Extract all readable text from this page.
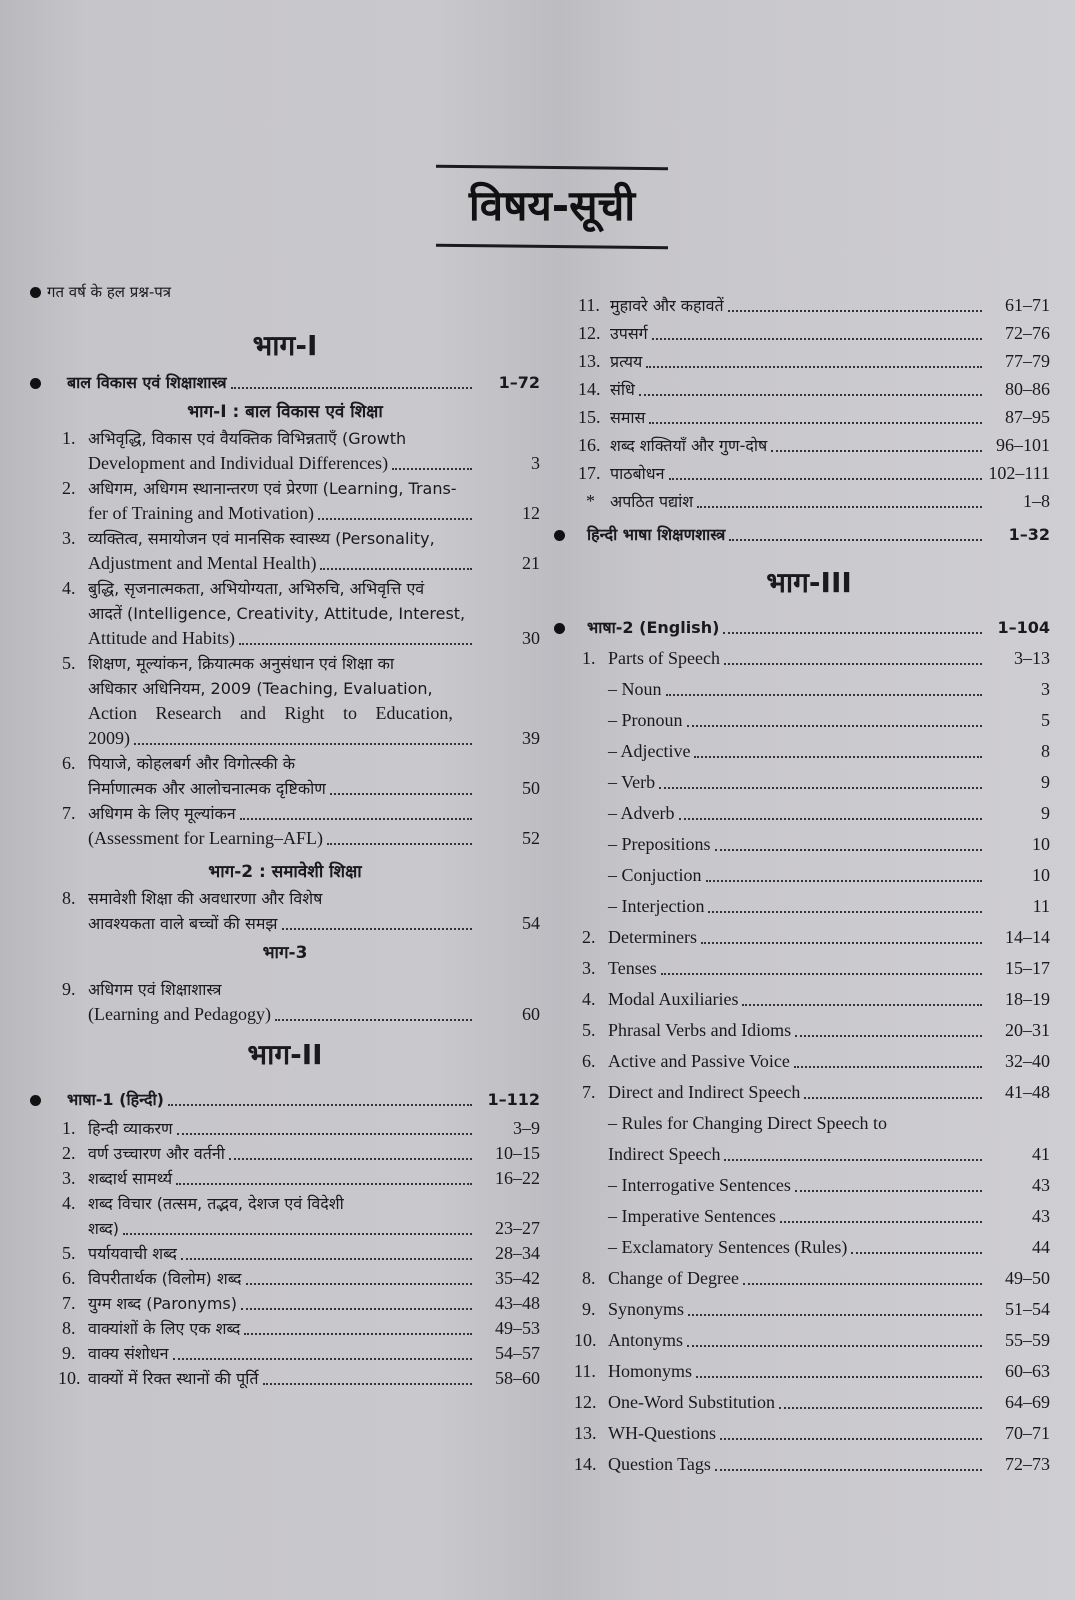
विषय-सूची
गत वर्ष के हल प्रश्न-पत्र
भाग-I
बाल विकास एवं शिक्षाशास्त्र	1–72
भाग-I : बाल विकास एवं शिक्षा
1. अभिवृद्धि, विकास एवं वैयक्तिक विभिन्नताएँ (Growth
Development and Individual Differences)	3
2. अधिगम, अधिगम स्थानान्तरण एवं प्रेरणा (Learning, Trans-
fer of Training and Motivation)	12
3. व्यक्तित्व, समायोजन एवं मानसिक स्वास्थ्य (Personality,
Adjustment and Mental Health)	21
4. बुद्धि, सृजनात्मकता, अभियोग्यता, अभिरुचि, अभिवृत्ति एवं
आदतें (Intelligence, Creativity, Attitude, Interest,
Attitude and Habits)	30
5. शिक्षण, मूल्यांकन, क्रियात्मक अनुसंधान एवं शिक्षा का
अधिकार अधिनियम, 2009 (Teaching, Evaluation,
Action Research and Right to Education,
2009)	39
6. पियाजे, कोहलबर्ग और विगोत्स्की के
निर्माणात्मक और आलोचनात्मक दृष्टिकोण	50
7. अधिगम के लिए मूल्यांकन
(Assessment for Learning–AFL)	52
भाग-2 : समावेशी शिक्षा
8. समावेशी शिक्षा की अवधारणा और विशेष
आवश्यकता वाले बच्चों की समझ	54
भाग-3
9. अधिगम एवं शिक्षाशास्त्र
(Learning and Pedagogy)	60
भाग-II
भाषा-1 (हिन्दी)	1–112
1. हिन्दी व्याकरण	3–9
2. वर्ण उच्चारण और वर्तनी	10–15
3. शब्दार्थ सामर्थ्य	16–22
4. शब्द विचार (तत्सम, तद्भव, देशज एवं विदेशी
शब्द)	23–27
5. पर्यायवाची शब्द	28–34
6. विपरीतार्थक (विलोम) शब्द	35–42
7. युग्म शब्द (Paronyms)	43–48
8. वाक्यांशों के लिए एक शब्द	49–53
9. वाक्य संशोधन	54–57
10. वाक्यों में रिक्त स्थानों की पूर्ति	58–60
11. मुहावरे और कहावतें	61–71
12. उपसर्ग	72–76
13. प्रत्यय	77–79
14. संधि	80–86
15. समास	87–95
16. शब्द शक्तियाँ और गुण-दोष	96–101
17. पाठबोधन	102–111
* अपठित पद्यांश	1–8
हिन्दी भाषा शिक्षणशास्त्र	1–32
भाग-III
भाषा-2 (English)	1–104
1. Parts of Speech	3–13
– Noun	3
– Pronoun	5
– Adjective	8
– Verb	9
– Adverb	9
– Prepositions	10
– Conjuction	10
– Interjection	11
2. Determiners	14–14
3. Tenses	15–17
4. Modal Auxiliaries	18–19
5. Phrasal Verbs and Idioms	20–31
6. Active and Passive Voice	32–40
7. Direct and Indirect Speech	41–48
– Rules for Changing Direct Speech to
Indirect Speech	41
– Interrogative Sentences	43
– Imperative Sentences	43
– Exclamatory Sentences (Rules)	44
8. Change of Degree	49–50
9. Synonyms	51–54
10. Antonyms	55–59
11. Homonyms	60–63
12. One-Word Substitution	64–69
13. WH-Questions	70–71
14. Question Tags	72–73
